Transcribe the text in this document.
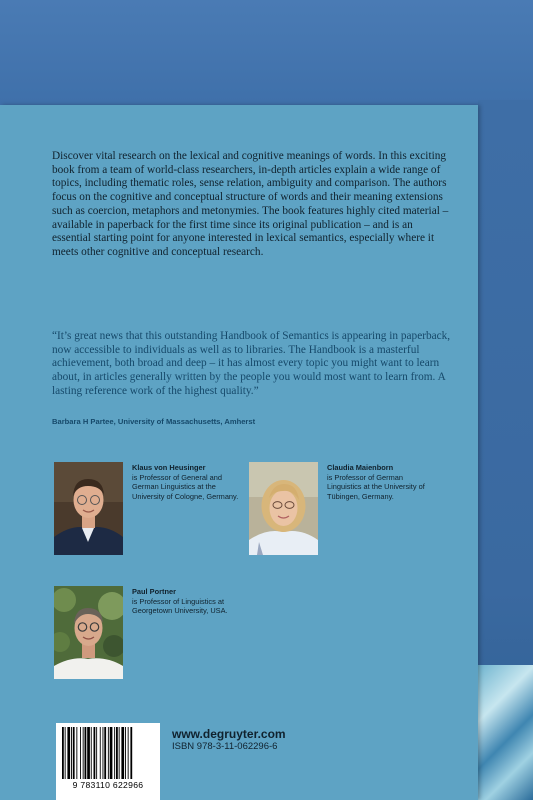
Discover vital research on the lexical and cognitive meanings of words. In this exciting book from a team of world-class researchers, in-depth articles explain a wide range of topics, including thematic roles, sense relation, ambiguity and comparison. The authors focus on the cognitive and conceptual structure of words and their meaning extensions such as coercion, metaphors and metonymies. The book features highly cited material – available in paperback for the first time since its original publication – and is an essential starting point for anyone interested in lexical semantics, especially where it meets other cognitive and conceptual research.

“It’s great news that this outstanding Handbook of Semantics is appearing in paperback, now accessible to individuals as well as to libraries. The Handbook is a masterful achievement, both broad and deep – it has almost every topic you might want to learn about, in articles generally written by the people you would most want to learn from. A lasting reference work of the highest quality.”

Barbara H Partee, University of Massachusetts, Amherst

Klaus von Heusinger
is Professor of General and German Linguistics at the University of Cologne, Germany.
Claudia Maienborn
is Professor of German Linguistics at the University of Tübingen, Germany.
Paul Portner
is Professor of Linguistics at Georgetown University, USA.
9 783110 622966
www.degruyter.com
ISBN 978-3-11-062296-6
